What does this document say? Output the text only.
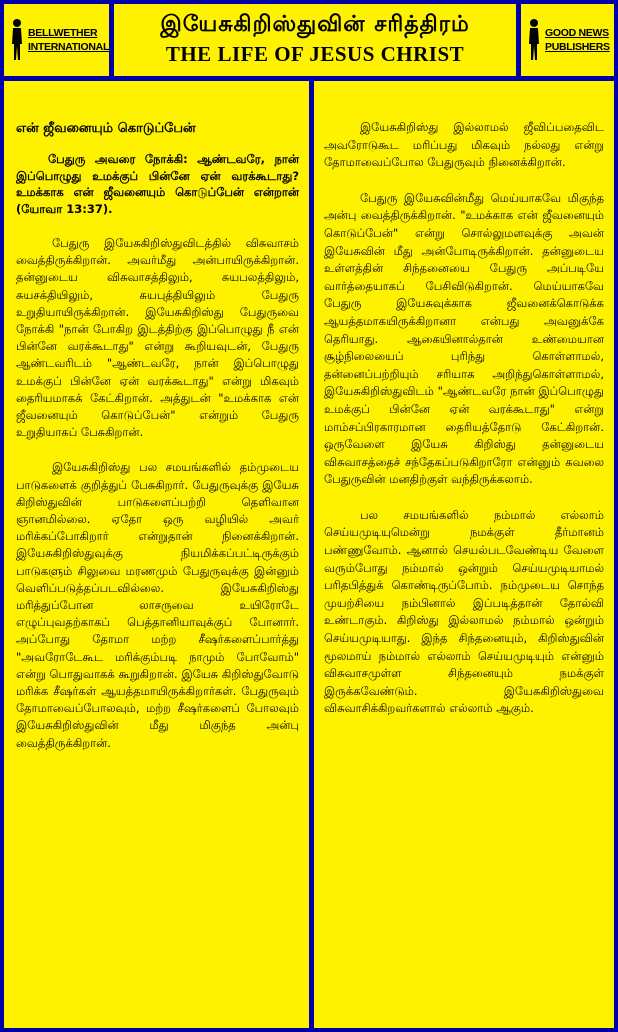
BELLWETHER
INTERNATIONAL
இயேசுகிறிஸ்துவின் சரித்திரம்
THE LIFE OF JESUS CHRIST
GOOD NEWS
PUBLISHERS
என் ஜீவனையும் கொடுப்பேன்

பேதுரு அவரை நோக்கி: ஆண்டவரே, நான் இப்பொழுது உமக்குப் பின்னே ஏன் வரக்கூடாது? உமக்காக என் ஜீவனையும் கொடுப்பேன் என்றான் (யோவா 13:37).

பேதுரு இயேசுகிறிஸ்துவிடத்தில் விசுவாசம் வைத்திருக்கிறான். அவர்மீது அன்பாயிருக்கிறான். தன்னுடைய விசுவாசத்திலும், சுயபலத்திலும், சுயசக்தியிலும், சுயபுத்தியிலும் பேதுரு உறுதியாயிருக்கிறான். இயேசுகிறிஸ்து பேதுருவை நோக்கி "நான் போகிற இடத்திற்கு இப்பொழுது நீ என் பின்னே வரக்கூடாது" என்று கூறியவுடன், பேதுரு ஆண்டவரிடம் "ஆண்டவரே, நான் இப்பொழுது உமக்குப் பின்னே ஏன் வரக்கூடாது" என்று மிகவும் தைரியமாகக் கேட்கிறான். அத்துடன் "உமக்காக என் ஜீவனையும் கொடுப்பேன்" என்றும் பேதுரு உறுதியாகப் பேசுகிறான்.

இயேசுகிறிஸ்து பல சமயங்களில் தம்முடைய பாடுகளைக் குறித்துப் பேசுகிறார். பேதுருவுக்கு இயேசு கிறிஸ்துவின் பாடுகளைப்பற்றி தெளிவான ஞானமில்லை. ஏதோ ஒரு வழியில் அவர் மரிக்கப்போகிறார் என்றுதான் நினைக்கிறான். இயேசுகிறிஸ்துவுக்கு நியமிக்கப்பட்டிருக்கும் பாடுகளும் சிலுவை மரணமும் பேதுருவுக்கு இன்னும் வெளிப்படுத்தப்படவில்லை. இயேசுகிறிஸ்து மரித்துப்போன லாசருவை உயிரோடே எழுப்புவதற்காகப் பெத்தானியாவுக்குப் போனார். அப்போது தோமா மற்ற சீஷர்களைப்பார்த்து "அவரோடேகூட மரிக்கும்படி நாமும் போவோம்" என்று பொதுவாகக் கூறுகிறான். இயேசு கிறிஸ்துவோடு மரிக்க சீஷர்கள் ஆயத்தமாயிருக்கிறார்கள். பேதுருவும் தோமாவைப்போலவும், மற்ற சீஷர்களைப் போலவும் இயேசுகிறிஸ்துவின் மீது மிகுந்த அன்பு வைத்திருக்கிறான்.

இயேசுகிறிஸ்து இல்லாமல் ஜீவிப்பதைவிட அவரோடுகூட மரிப்பது மிகவும் நல்லது என்று தோமாவைப்போல பேதுருவும் நினைக்கிறான்.

பேதுரு இயேசுவின்மீது மெய்யாகவே மிகுந்த அன்பு வைத்திருக்கிறான். "உமக்காக என் ஜீவனையும் கொடுப்பேன்" என்று சொல்லுமளவுக்கு அவன் இயேசுவின் மீது அன்போடிருக்கிறான். தன்னுடைய உள்ளத்தின் சிந்தனையை பேதுரு அப்படியே வார்த்தையாகப் பேசிவிடுகிறான். மெய்யாகவே பேதுரு இயேசுவுக்காக ஜீவனைக்கொடுக்க ஆயத்தமாகயிருக்கிறானா என்பது அவனுக்கே தெரியாது. ஆகையினால்தான் உண்மையான சூழ்நிலையைப் புரிந்து கொள்ளாமல், தன்னைப்பற்றியும் சரியாக அறிந்துகொள்ளாமல், இயேசுகிறிஸ்துவிடம் "ஆண்டவரே நான் இப்பொழுது உமக்குப் பின்னே ஏன் வரக்கூடாது" என்று மாம்சப்பிரகாரமான தைரியத்தோடு கேட்கிறான். ஒருவேளை இயேசு கிறிஸ்து தன்னுடைய விசுவாசத்தைச் சந்தேகப்படுகிறாரோ என்னும் கவலை பேதுருவின் மனதிற்குள் வந்திருக்கலாம்.

பல சமயங்களில் நம்மால் எல்லாம் செய்யமுடியுமென்று நமக்குள் தீர்மானம் பண்ணுவோம். ஆனால் செயல்படவேண்டிய வேளை வரும்போது நம்மால் ஒன்றும் செய்யமுடியாமல் பரிதபித்துக் கொண்டிருப்போம். நம்முடைய சொந்த முயற்சியை நம்பினால் இப்படித்தான் தோல்வி உண்டாகும். கிறிஸ்து இல்லாமல் நம்மால் ஒன்றும் செய்யமுடியாது. இந்த சிந்தனையும், கிறிஸ்துவின் மூலமாய் நம்மால் எல்லாம் செய்யமுடியும் என்னும் விசுவாசமுள்ள சிந்தனையும் நமக்குள் இருக்கவேண்டும். இயேசுகிறிஸ்துவை விசுவாசிக்கிறவர்களால் எல்லாம் ஆகும்.
